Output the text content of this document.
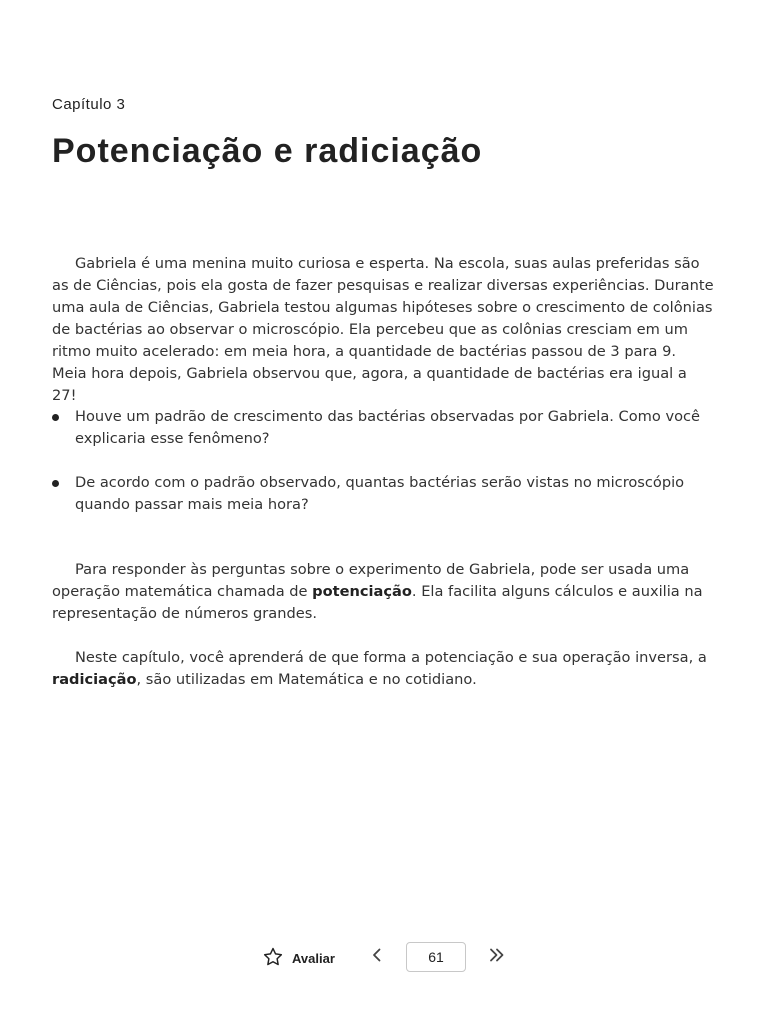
Capítulo 3
Potenciação e radiciação

Gabriela é uma menina muito curiosa e esperta. Na escola, suas aulas preferidas são as de Ciências, pois ela gosta de fazer pesquisas e realizar diversas experiências. Durante uma aula de Ciências, Gabriela testou algumas hipóteses sobre o crescimento de colônias de bactérias ao observar o microscópio. Ela percebeu que as colônias cresciam em um ritmo muito acelerado: em meia hora, a quantidade de bactérias passou de 3 para 9. Meia hora depois, Gabriela observou que, agora, a quantidade de bactérias era igual a 27!

Houve um padrão de crescimento das bactérias observadas por Gabriela. Como você explicaria esse fenômeno?
De acordo com o padrão observado, quantas bactérias serão vistas no microscópio quando passar mais meia hora?

Para responder às perguntas sobre o experimento de Gabriela, pode ser usada uma operação matemática chamada de potenciação. Ela facilita alguns cálculos e auxilia na representação de números grandes.

Neste capítulo, você aprenderá de que forma a potenciação e sua operação inversa, a radiciação, são utilizadas em Matemática e no cotidiano.

Avaliar
61
